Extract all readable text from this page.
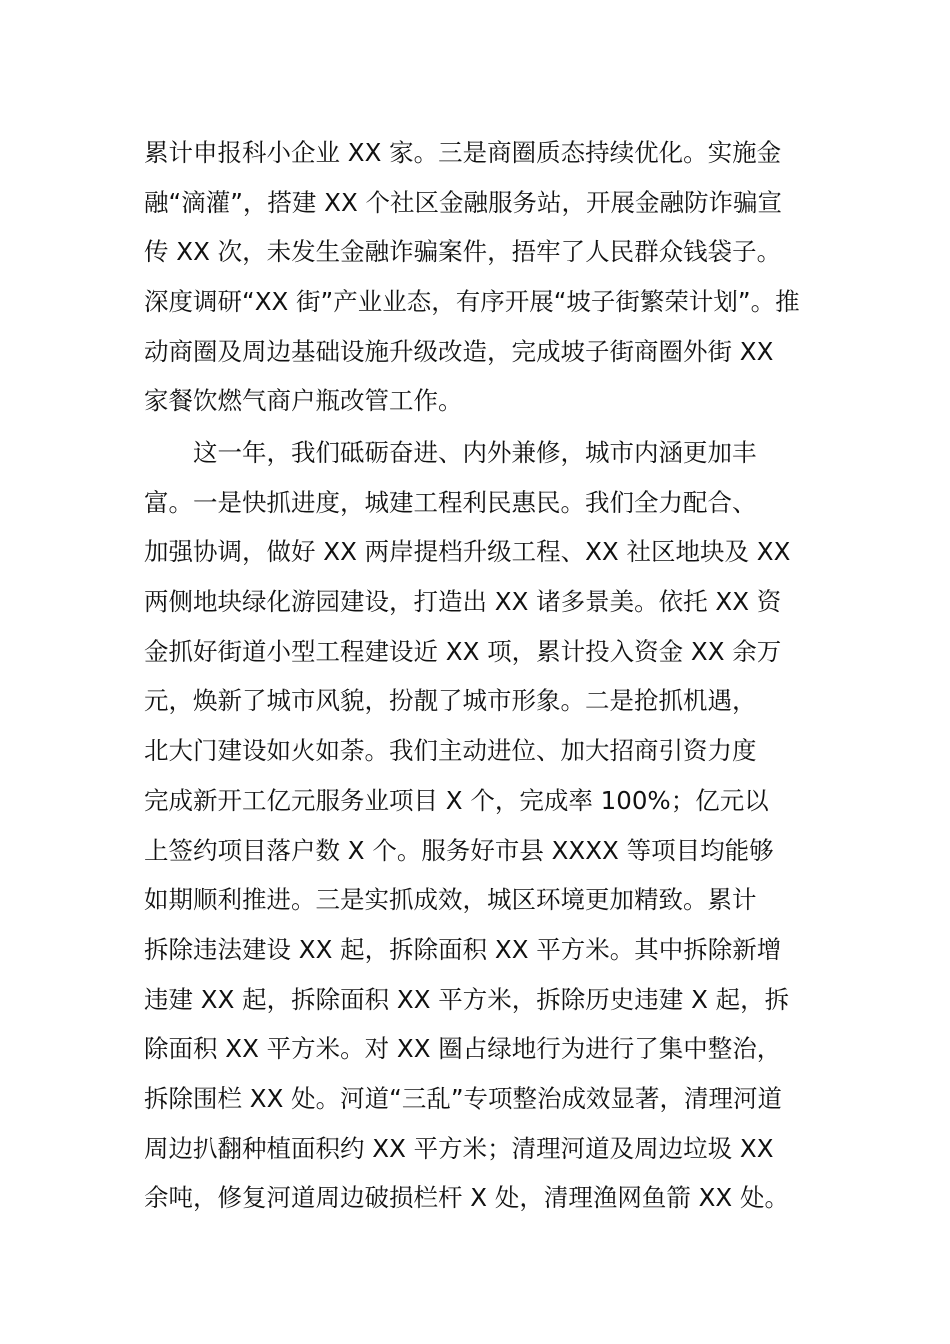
累计申报科小企业 XX 家。三是商圈质态持续优化。实施金
融“滴灌”，搭建 XX 个社区金融服务站，开展金融防诈骗宣
传 XX 次，未发生金融诈骗案件，捂牢了人民群众钱袋子。
深度调研“XX 街”产业业态，有序开展“坡子街繁荣计划”。推
动商圈及周边基础设施升级改造，完成坡子街商圈外街 XX
家餐饮燃气商户瓶改管工作。
这一年，我们砥砺奋进、内外兼修，城市内涵更加丰
富。一是快抓进度，城建工程利民惠民。我们全力配合、
加强协调，做好 XX 两岸提档升级工程、XX 社区地块及 XX
两侧地块绿化游园建设，打造出 XX 诸多景美。依托 XX 资
金抓好街道小型工程建设近 XX 项，累计投入资金 XX 余万
元，焕新了城市风貌，扮靓了城市形象。二是抢抓机遇，
北大门建设如火如荼。我们主动进位、加大招商引资力度
完成新开工亿元服务业项目 X 个，完成率 100%；亿元以
上签约项目落户数 X 个。服务好市县 XXXX 等项目均能够
如期顺利推进。三是实抓成效，城区环境更加精致。累计
拆除违法建设 XX 起，拆除面积 XX 平方米。其中拆除新增
违建 XX 起，拆除面积 XX 平方米，拆除历史违建 X 起，拆
除面积 XX 平方米。对 XX 圈占绿地行为进行了集中整治，
拆除围栏 XX 处。河道“三乱”专项整治成效显著，清理河道
周边扒翻种植面积约 XX 平方米；清理河道及周边垃圾 XX
余吨，修复河道周边破损栏杆 X 处，清理渔网鱼箭 XX 处。
